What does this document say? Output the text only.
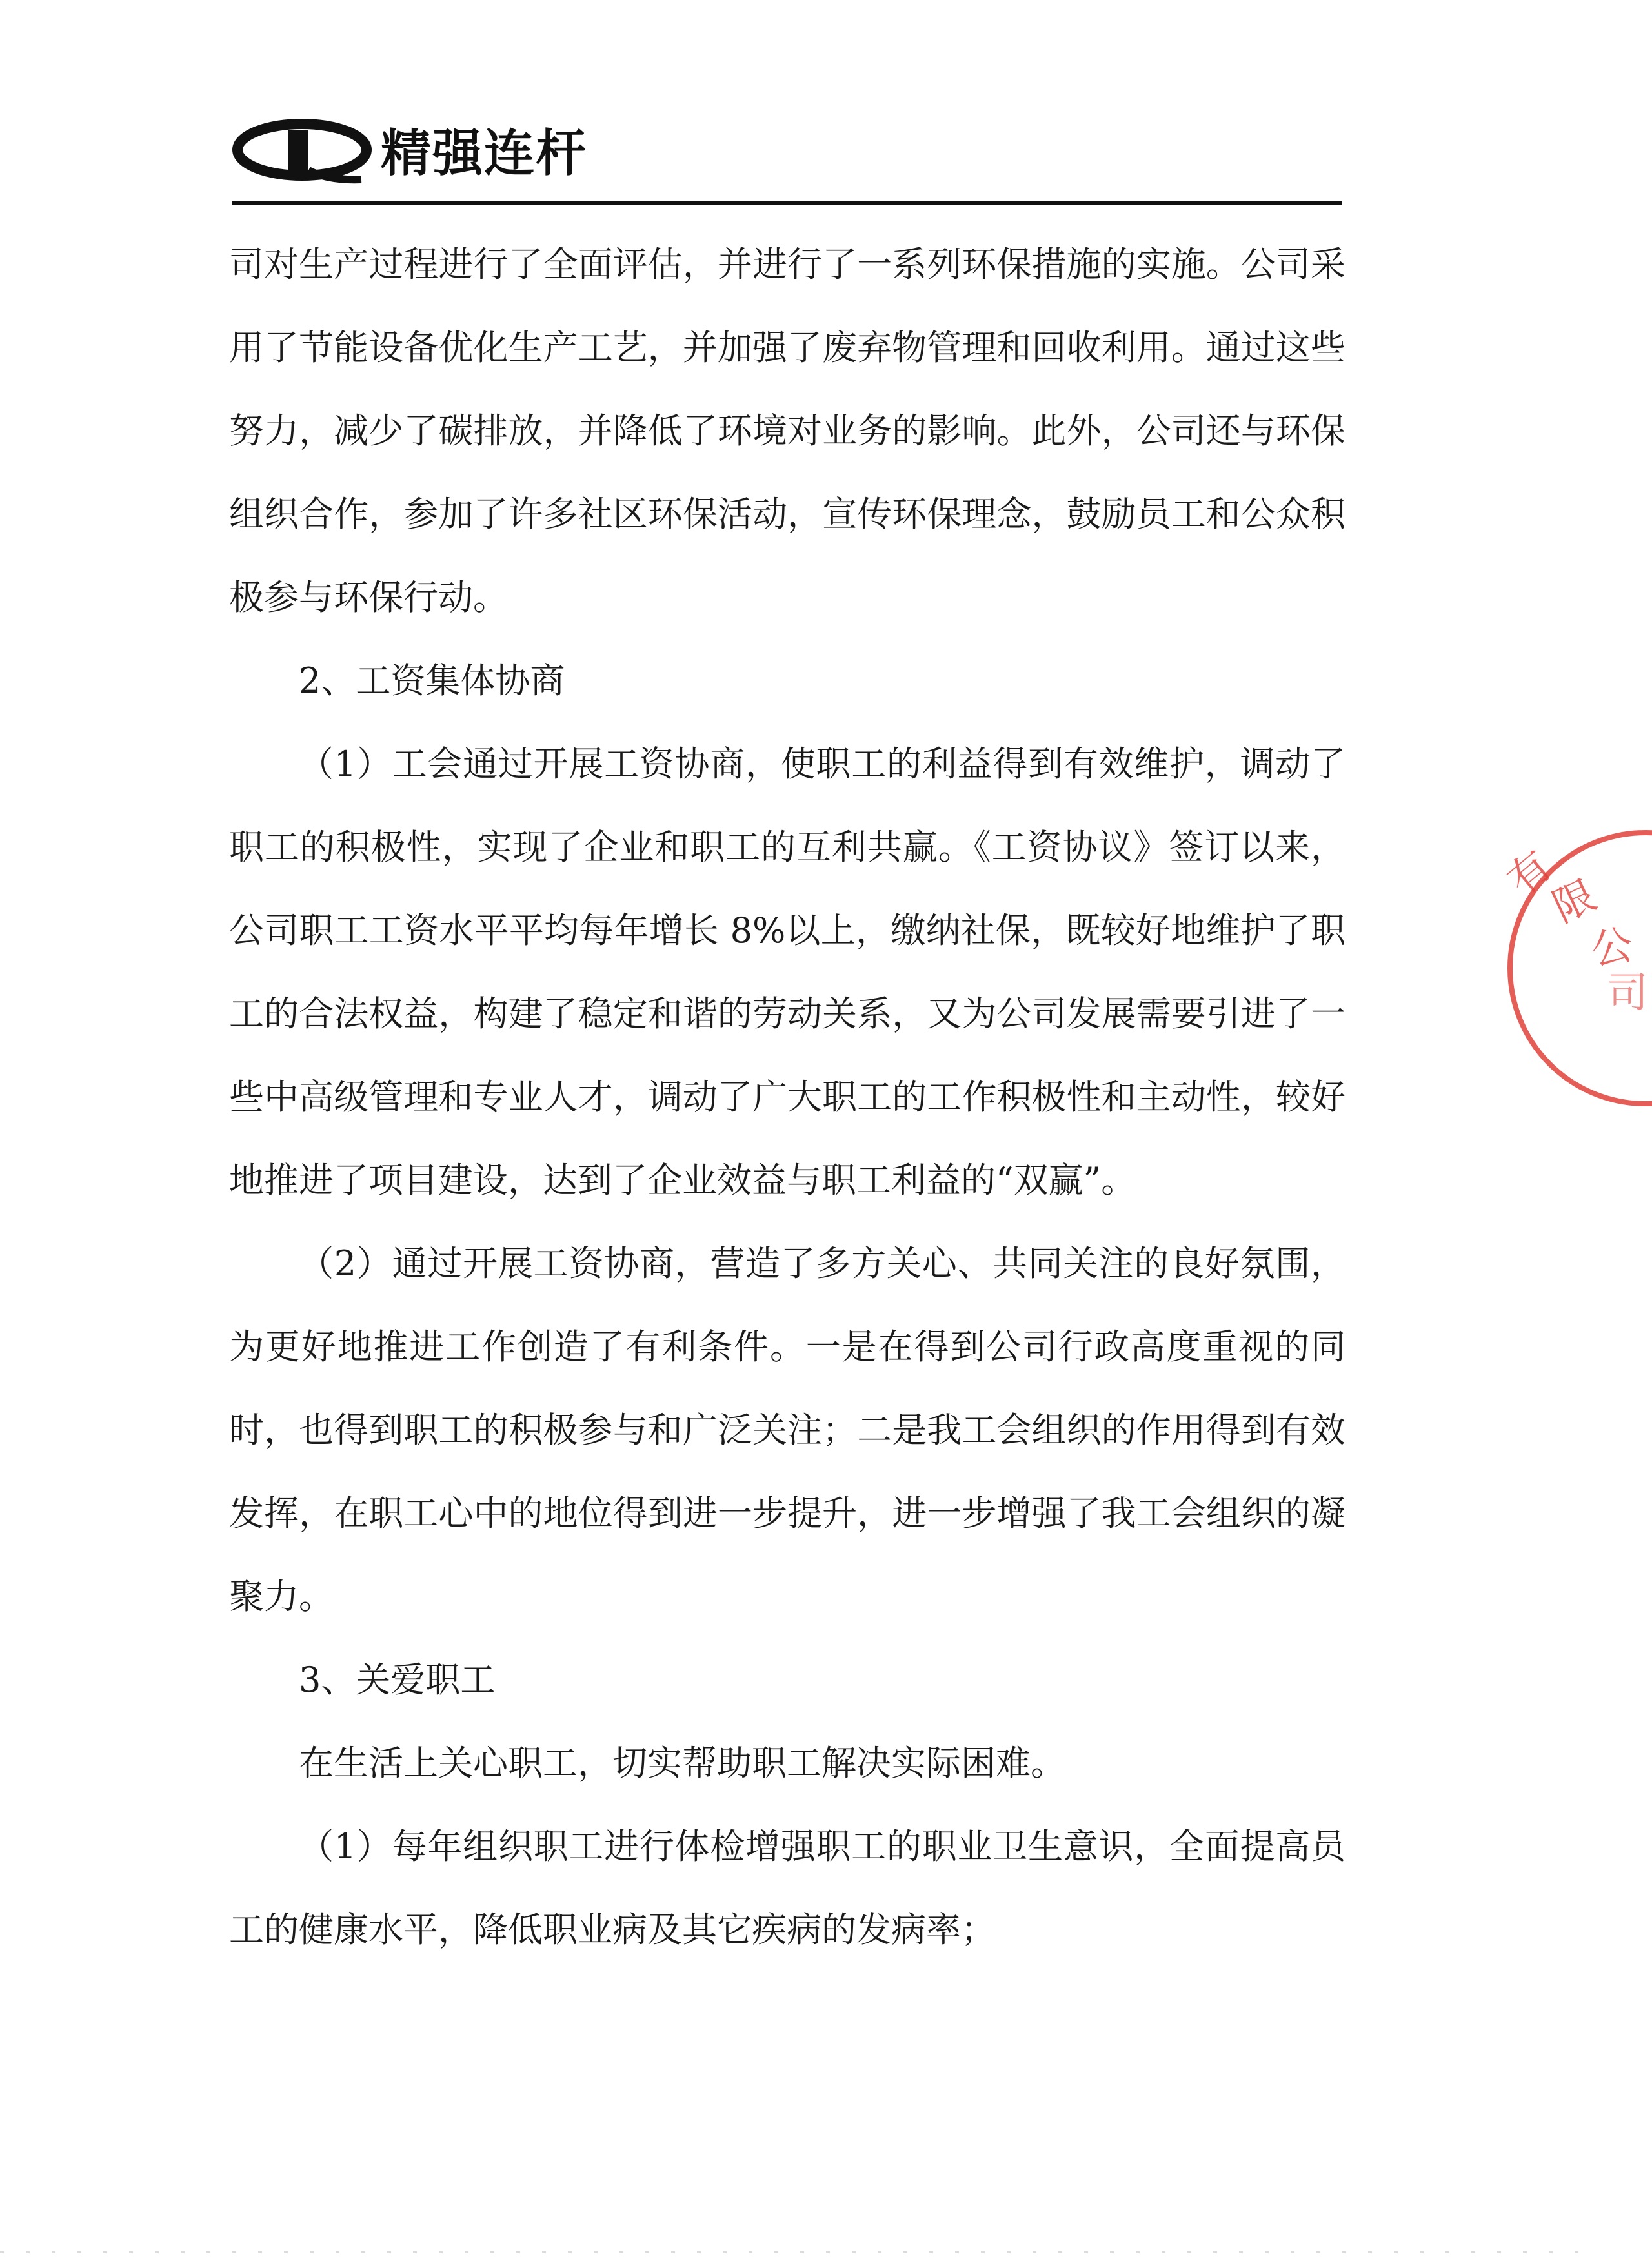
精强连杆

司对生产过程进行了全面评估，并进行了一系列环保措施的实施。公司采用了节能设备优化生产工艺，并加强了废弃物管理和回收利用。通过这些努力，减少了碳排放，并降低了环境对业务的影响。此外，公司还与环保组织合作，参加了许多社区环保活动，宣传环保理念，鼓励员工和公众积极参与环保行动。

2、工资集体协商

（1）工会通过开展工资协商，使职工的利益得到有效维护，调动了职工的积极性，实现了企业和职工的互利共赢。《工资协议》签订以来，公司职工工资水平平均每年增长 8%以上，缴纳社保，既较好地维护了职工的合法权益，构建了稳定和谐的劳动关系，又为公司发展需要引进了一些中高级管理和专业人才，调动了广大职工的工作积极性和主动性，较好地推进了项目建设，达到了企业效益与职工利益的“双赢”。

（2）通过开展工资协商，营造了多方关心、共同关注的良好氛围，为更好地推进工作创造了有利条件。一是在得到公司行政高度重视的同时，也得到职工的积极参与和广泛关注；二是我工会组织的作用得到有效发挥，在职工心中的地位得到进一步提升，进一步增强了我工会组织的凝聚力。

3、关爱职工

在生活上关心职工，切实帮助职工解决实际困难。

（1）每年组织职工进行体检增强职工的职业卫生意识，全面提高员工的健康水平，降低职业病及其它疾病的发病率；

有
限
公
司
